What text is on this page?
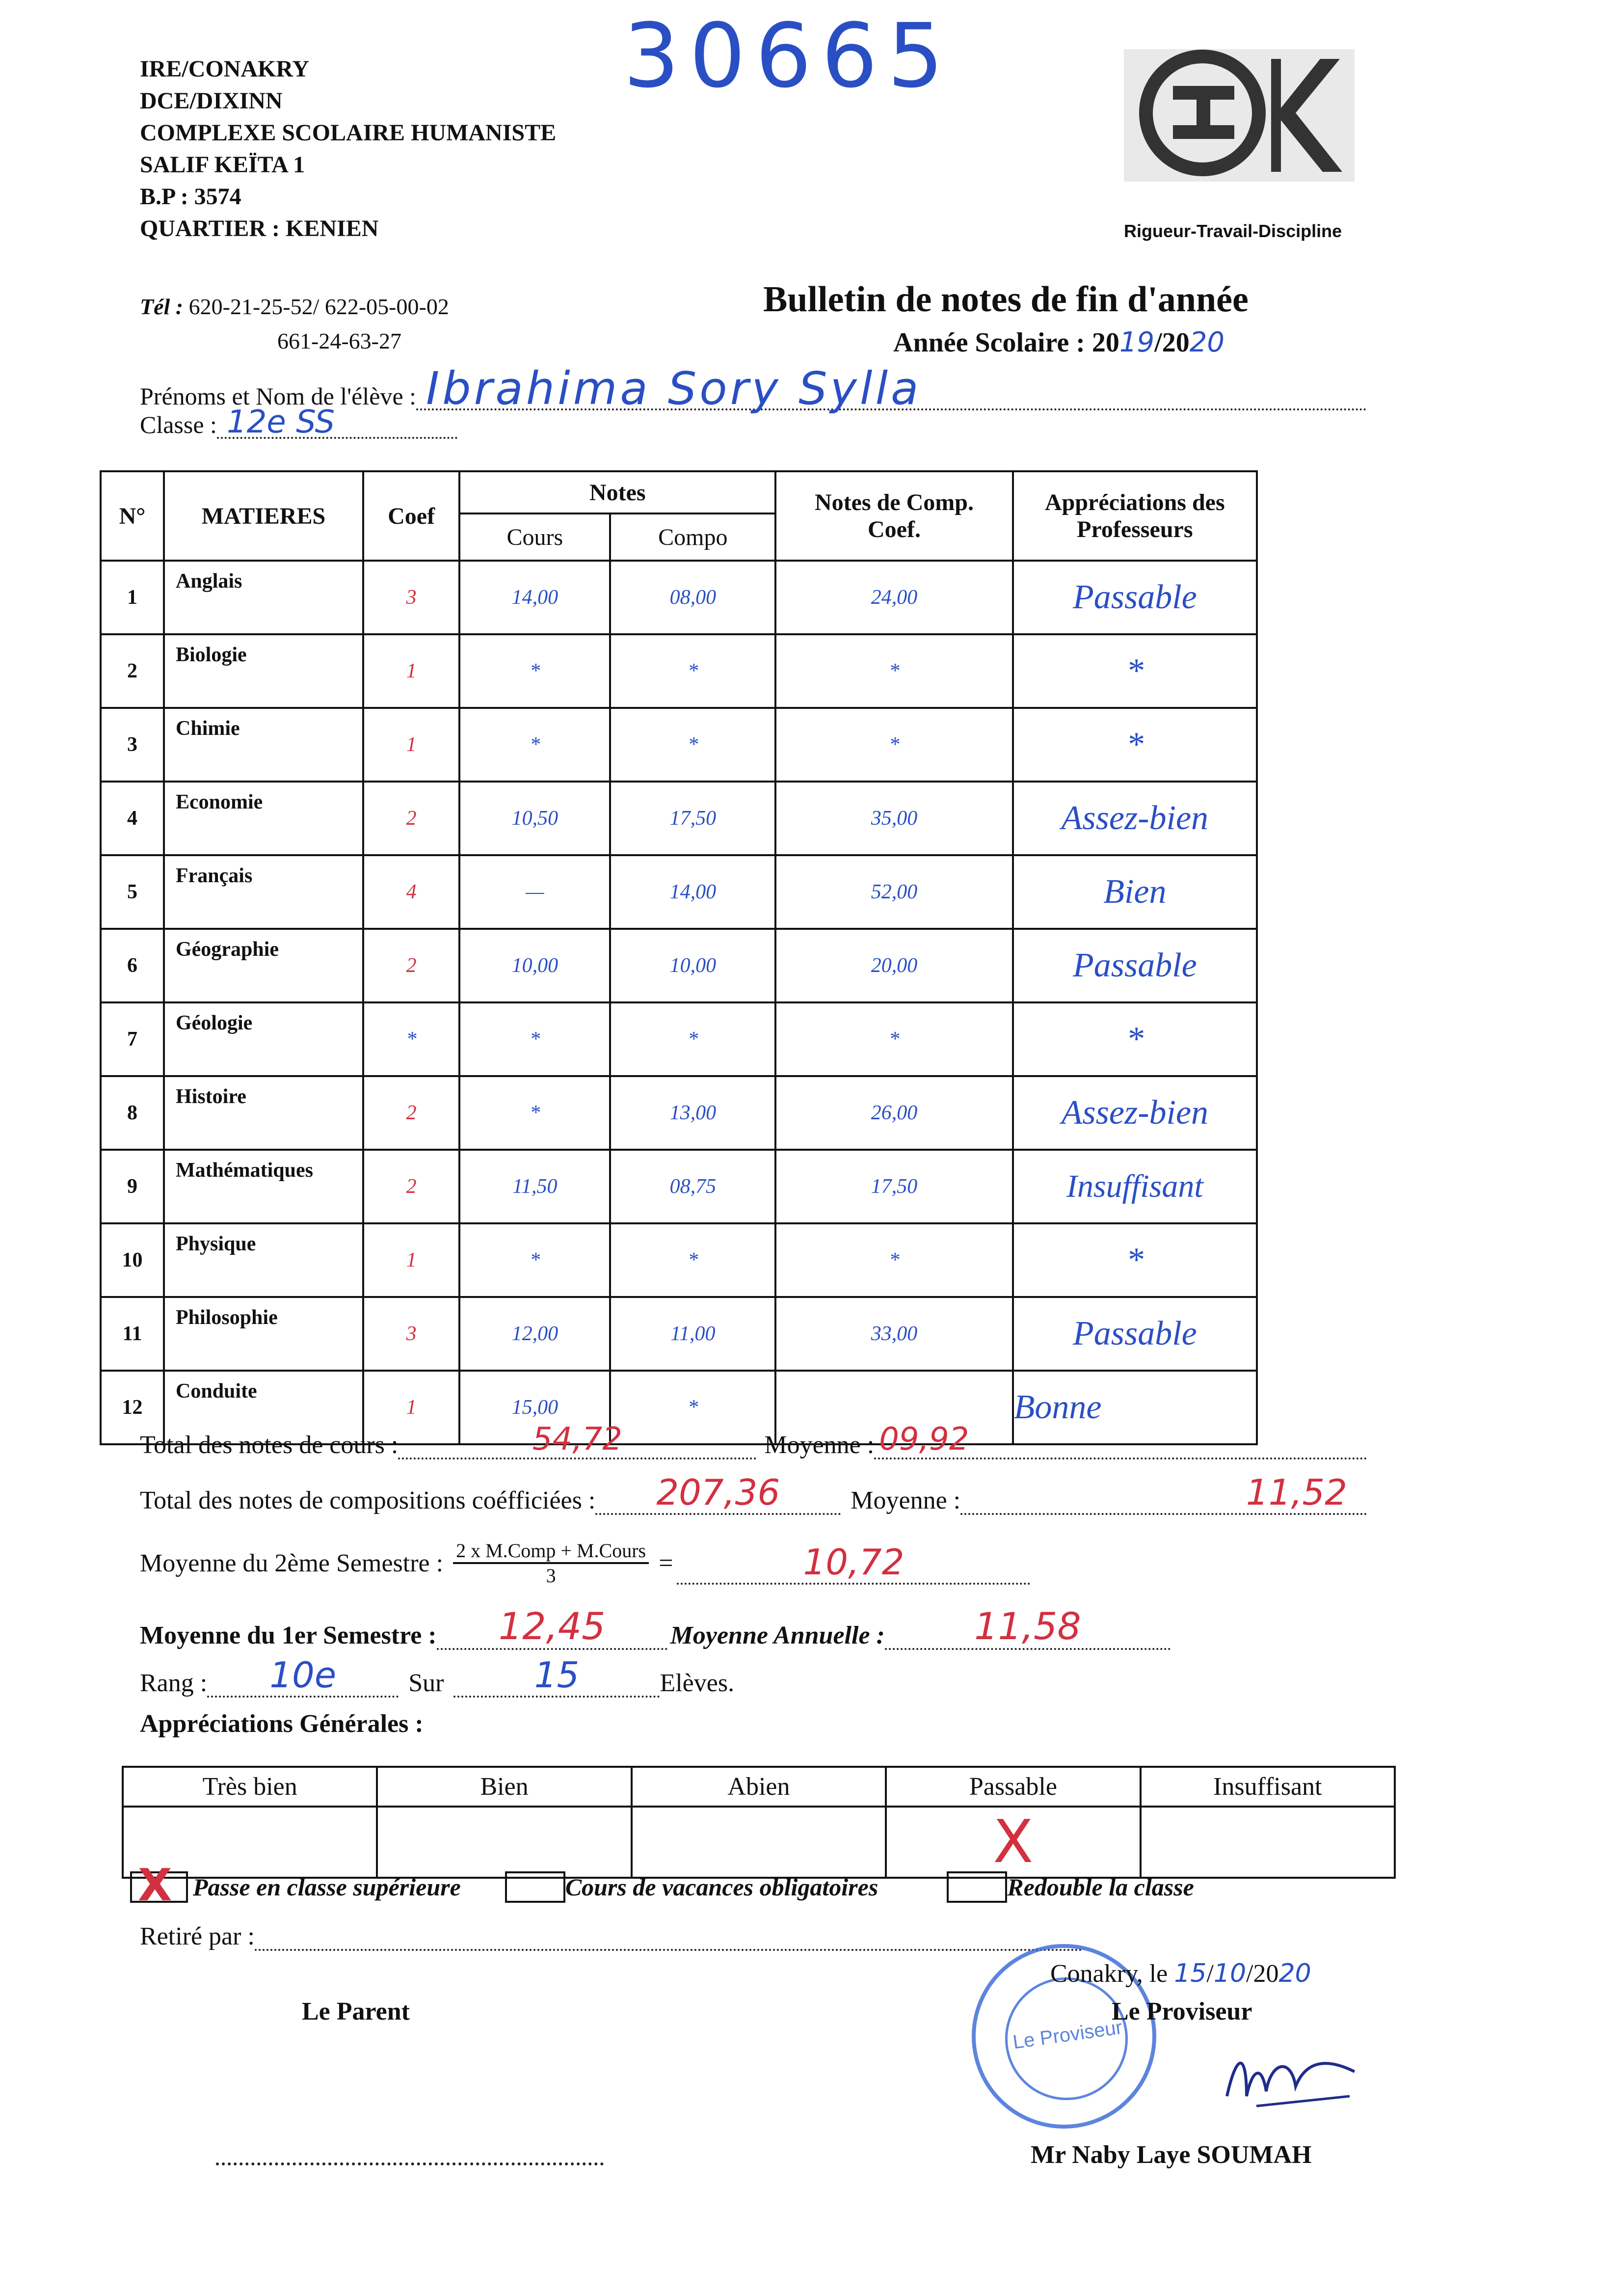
30665
IRE/CONAKRY
DCE/DIXINN
COMPLEXE SCOLAIRE HUMANISTE
SALIF KEÏTA 1
B.P : 3574
QUARTIER : KENIEN	Rigueur-Travail-Discipline
Tél : 620-21-25-52/ 622-05-00-02
661-24-63-27
Bulletin de notes de fin d'année
Année Scolaire : 2019/2020
Prénoms et Nom de l'élève : Ibrahima Sory Sylla
Classe : 12e SS
N°	MATIERES	Coef	Notes		Notes de Comp. Coef.	Appréciations des Professeurs
			Cours	Compo		
1	Anglais	3	14,00	08,00	24,00	Passable
2	Biologie	1	*	*	*	*
3	Chimie	1	*	*	*	*
4	Economie	2	10,50	17,50	35,00	Assez-bien
5	Français	4	—	14,00	52,00	Bien
6	Géographie	2	10,00	10,00	20,00	Passable
7	Géologie	*	*	*	*	*
8	Histoire	2	*	13,00	26,00	Assez-bien
9	Mathématiques	2	11,50	08,75	17,50	Insuffisant
10	Physique	1	*	*	*	*
11	Philosophie	3	12,00	11,00	33,00	Passable
12	Conduite	1	15,00	*		Bonne
Total des notes de cours :	54,72	Moyenne : 09,92
Total des notes de compositions coéfficiées :	207,36	Moyenne :	11,52
Moyenne du 2ème Semestre : 2 x M.Comp + M.Cours
3	=	10,72
Moyenne du 1er Semestre :	12,45	Moyenne Annuelle :	11,58
Rang :	10e	Sur	15	Elèves.
Appréciations Générales :
Très bien	Bien	Abien	Passable	Insuffisant
			X	
X Passe en classe supérieure	Cours de vacances obligatoires	Redouble la classe
Retiré par :
Le Proviseur
Conakry, le 15/10/2020
Le Parent	Le Proviseur
Mr Naby Laye SOUMAH
